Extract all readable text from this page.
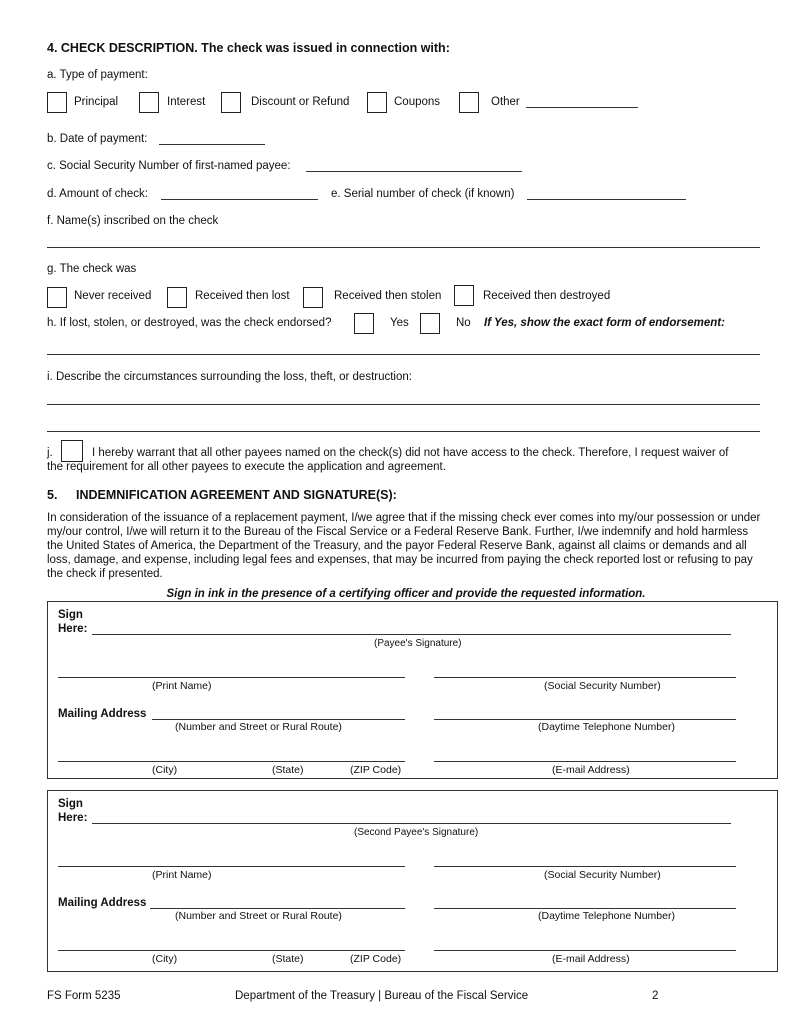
4. CHECK DESCRIPTION. The check was issued in connection with:
a. Type of payment:
Principal	Interest	Discount or Refund	Coupons	Other
b. Date of payment:
c. Social Security Number of first-named payee:
d. Amount of check:	e. Serial number of check (if known)
f. Name(s) inscribed on the check
g. The check was
Never received	Received then lost	Received then stolen	Received then destroyed
h. If lost, stolen, or destroyed, was the check endorsed?	Yes	No If Yes, show the exact form of endorsement:
i. Describe the circumstances surrounding the loss, theft, or destruction:
j.	I hereby warrant that all other payees named on the check(s) did not have access to the check. Therefore, I request waiver of
the requirement for all other payees to execute the application and agreement.
5. INDEMNIFICATION AGREEMENT AND SIGNATURE(S):
In consideration of the issuance of a replacement payment, I/we agree that if the missing check ever comes into my/our possession or under my/our control, I/we will return it to the Bureau of the Fiscal Service or a Federal Reserve Bank. Further, I/we indemnify and hold harmless the United States of America, the Department of the Treasury, and the payor Federal Reserve Bank, against all claims or demands and all loss, damage, and expense, including legal fees and expenses, that may be incurred from paying the check reported lost or refusing to pay the check if presented.
Sign in ink in the presence of a certifying officer and provide the requested information.
Sign
Here:
(Payee's Signature)
(Print Name)	(Social Security Number)
Mailing Address
(Number and Street or Rural Route)	(Daytime Telephone Number)
(City)	(State)	(ZIP Code)	(E-mail Address)
Sign
Here:
(Second Payee's Signature)
(Print Name)	(Social Security Number)
Mailing Address
(Number and Street or Rural Route)	(Daytime Telephone Number)
(City)	(State)	(ZIP Code)	(E-mail Address)
FS Form 5235	Department of the Treasury | Bureau of the Fiscal Service	2
